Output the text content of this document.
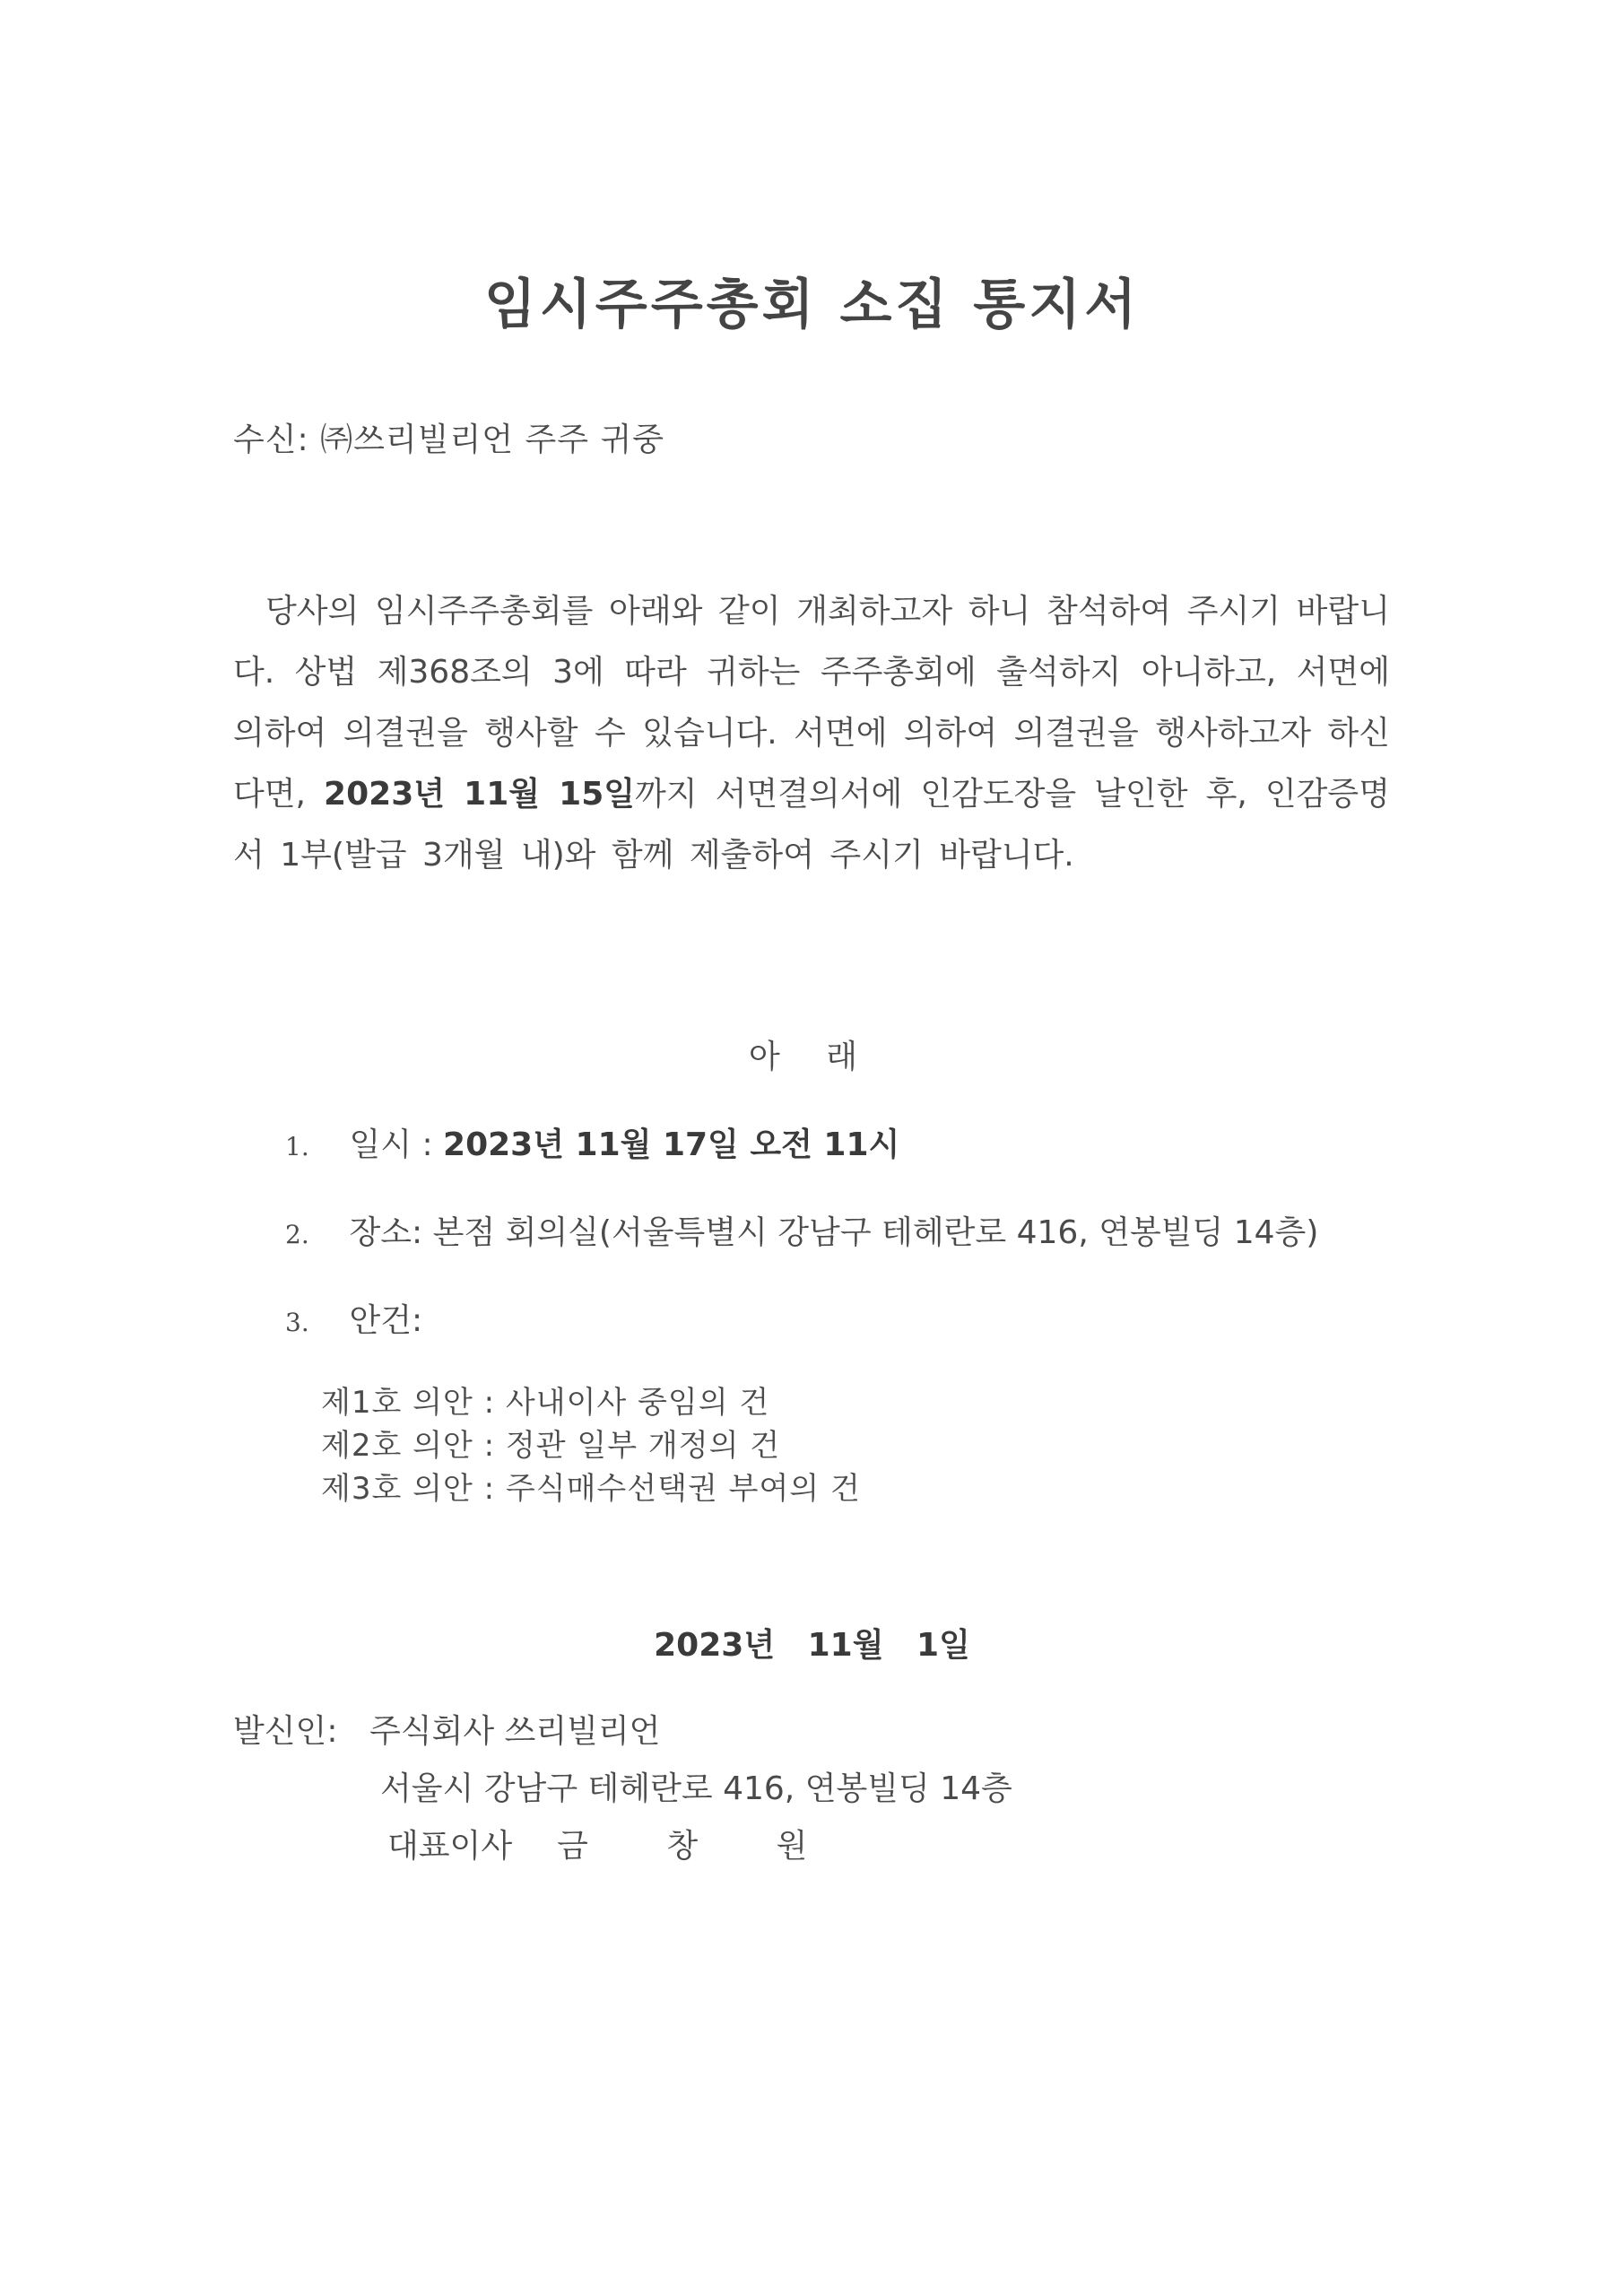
임시주주총회 소집 통지서
수신: ㈜쓰리빌리언 주주 귀중
당사의 임시주주총회를 아래와 같이 개최하고자 하니 참석하여 주시기 바랍니다. 상법 제368조의 3에 따라 귀하는 주주총회에 출석하지 아니하고, 서면에 의하여 의결권을 행사할 수 있습니다. 서면에 의하여 의결권을 행사하고자 하신다면, 2023년 11월 15일까지 서면결의서에 인감도장을 날인한 후, 인감증명서 1부(발급 3개월 내)와 함께 제출하여 주시기 바랍니다.
아 래
1. 일시 : 2023년 11월 17일 오전 11시
2. 장소: 본점 회의실(서울특별시 강남구 테헤란로 416, 연봉빌딩 14층)
3. 안건:
제1호 의안 : 사내이사 중임의 건
제2호 의안 : 정관 일부 개정의 건
제3호 의안 : 주식매수선택권 부여의 건
2023년 11월 1일
발신인: 주식회사 쓰리빌리언
서울시 강남구 테헤란로 416, 연봉빌딩 14층
대표이사 금 창 원
